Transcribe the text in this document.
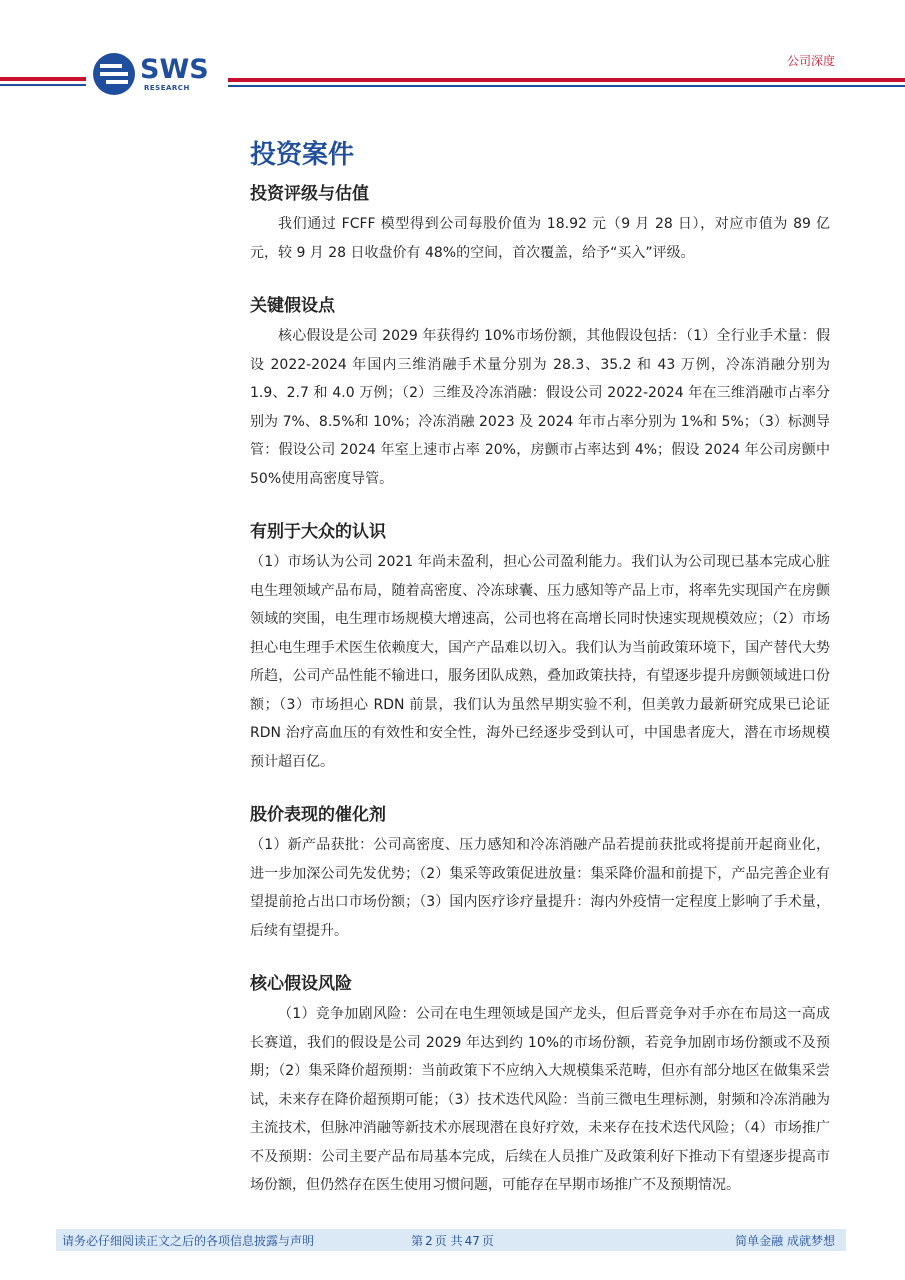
SWS
RESEARCH
公司深度
投资案件
投资评级与估值

我们通过 FCFF 模型得到公司每股价值为 18.92 元（9 月 28 日），对应市值为 89 亿元，较 9 月 28 日收盘价有 48%的空间，首次覆盖，给予“买入”评级。

关键假设点

核心假设是公司 2029 年获得约 10%市场份额，其他假设包括：（1）全行业手术量：假设 2022-2024 年国内三维消融手术量分别为 28.3、35.2 和 43 万例，冷冻消融分别为 1.9、2.7 和 4.0 万例；（2）三维及冷冻消融：假设公司 2022-2024 年在三维消融市占率分别为 7%、8.5%和 10%；冷冻消融 2023 及 2024 年市占率分别为 1%和 5%；（3）标测导管：假设公司 2024 年室上速市占率 20%，房颤市占率达到 4%；假设 2024 年公司房颤中 50%使用高密度导管。

有别于大众的认识

（1）市场认为公司 2021 年尚未盈利，担心公司盈利能力。我们认为公司现已基本完成心脏电生理领域产品布局，随着高密度、冷冻球囊、压力感知等产品上市，将率先实现国产在房颤领域的突围，电生理市场规模大增速高，公司也将在高增长同时快速实现规模效应；（2）市场担心电生理手术医生依赖度大，国产产品难以切入。我们认为当前政策环境下，国产替代大势所趋，公司产品性能不输进口，服务团队成熟，叠加政策扶持，有望逐步提升房颤领域进口份额；（3）市场担心 RDN 前景，我们认为虽然早期实验不利，但美敦力最新研究成果已论证 RDN 治疗高血压的有效性和安全性，海外已经逐步受到认可，中国患者庞大，潜在市场规模预计超百亿。

股价表现的催化剂

（1）新产品获批：公司高密度、压力感知和冷冻消融产品若提前获批或将提前开起商业化，进一步加深公司先发优势；（2）集采等政策促进放量：集采降价温和前提下，产品完善企业有望提前抢占出口市场份额；（3）国内医疗诊疗量提升：海内外疫情一定程度上影响了手术量，后续有望提升。

核心假设风险

（1）竞争加剧风险：公司在电生理领域是国产龙头，但后晋竞争对手亦在布局这一高成长赛道，我们的假设是公司 2029 年达到约 10%的市场份额，若竞争加剧市场份额或不及预期；（2）集采降价超预期：当前政策下不应纳入大规模集采范畴，但亦有部分地区在做集采尝试，未来存在降价超预期可能；（3）技术迭代风险：当前三微电生理标测，射频和冷冻消融为主流技术，但脉冲消融等新技术亦展现潜在良好疗效，未来存在技术迭代风险；（4）市场推广不及预期：公司主要产品布局基本完成，后续在人员推广及政策利好下推动下有望逐步提高市场份额，但仍然存在医生使用习惯问题，可能存在早期市场推广不及预期情况。

请务必仔细阅读正文之后的各项信息披露与声明	第 2 页 共 47 页	简单金融 成就梦想
